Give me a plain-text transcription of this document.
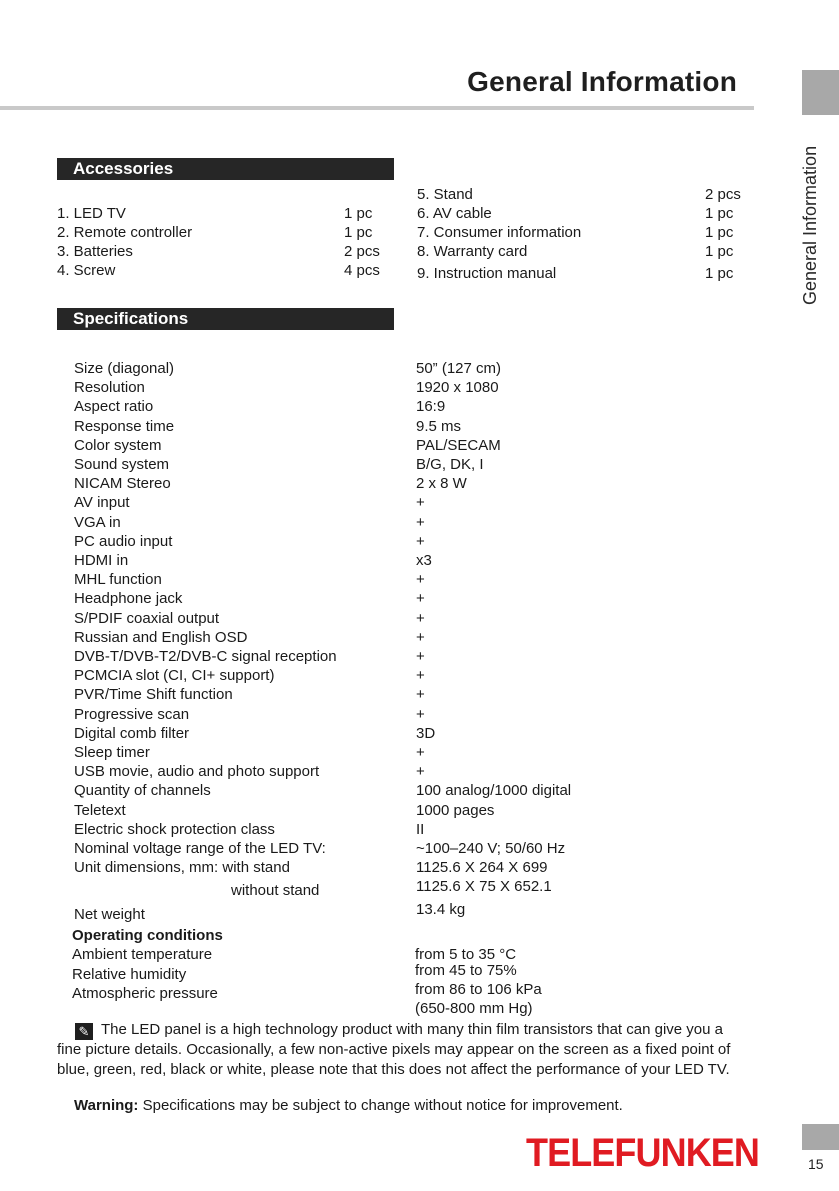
General Information
General Information
Accessories
1. LED TV	1 pc
2. Remote controller	1 pc
3. Batteries	2 pcs
4. Screw	4 pcs
5. Stand	2 pcs
6. AV cable	1 pc
7. Consumer information	1 pc
8. Warranty card	1 pc
9. Instruction manual	1 pc
Specifications
Size (diagonal)	50” (127 cm)
Resolution	1920 x 1080
Aspect ratio	16:9
Response time	9.5 ms
Color system	PAL/SECAM
Sound system	B/G, DK, I
NICAM Stereo	2 x 8 W
AV input	+
VGA in	+
PC audio input	+
HDMI in	x3
MHL function	+
Headphone jack	+
S/PDIF coaxial output	+
Russian and English OSD	+
DVB-T/DVB-T2/DVB-C signal reception	+
PCMCIA slot (CI, CI+ support)	+
PVR/Time Shift function	+
Progressive scan	+
Digital comb filter	3D
Sleep timer	+
USB movie, audio and photo support	+
Quantity of channels	100 analog/1000 digital
Teletext	1000 pages
Electric shock protection class	II
Nominal voltage range of the LED TV:	~100–240 V; 50/60 Hz
Unit dimensions, mm: with stand	1125.6 X 264 X 699
without stand	1125.6 X 75 X 652.1
Net weight	13.4 kg
Operating conditions
Ambient temperature	from 5 to 35 °C
Relative humidity	from 45 to 75%
Atmospheric pressure	from 86 to 106 kPa
(650-800 mm Hg)
✎ The LED panel is a high technology product with many thin film transistors that can give you a fine picture details. Occasionally, a few non-active pixels may appear on the screen as a fixed point of blue, green, red, black or white, please note that this does not affect the performance of your LED TV.
Warning: Specifications may be subject to change without notice for improvement.
TELEFUNKEN	15
